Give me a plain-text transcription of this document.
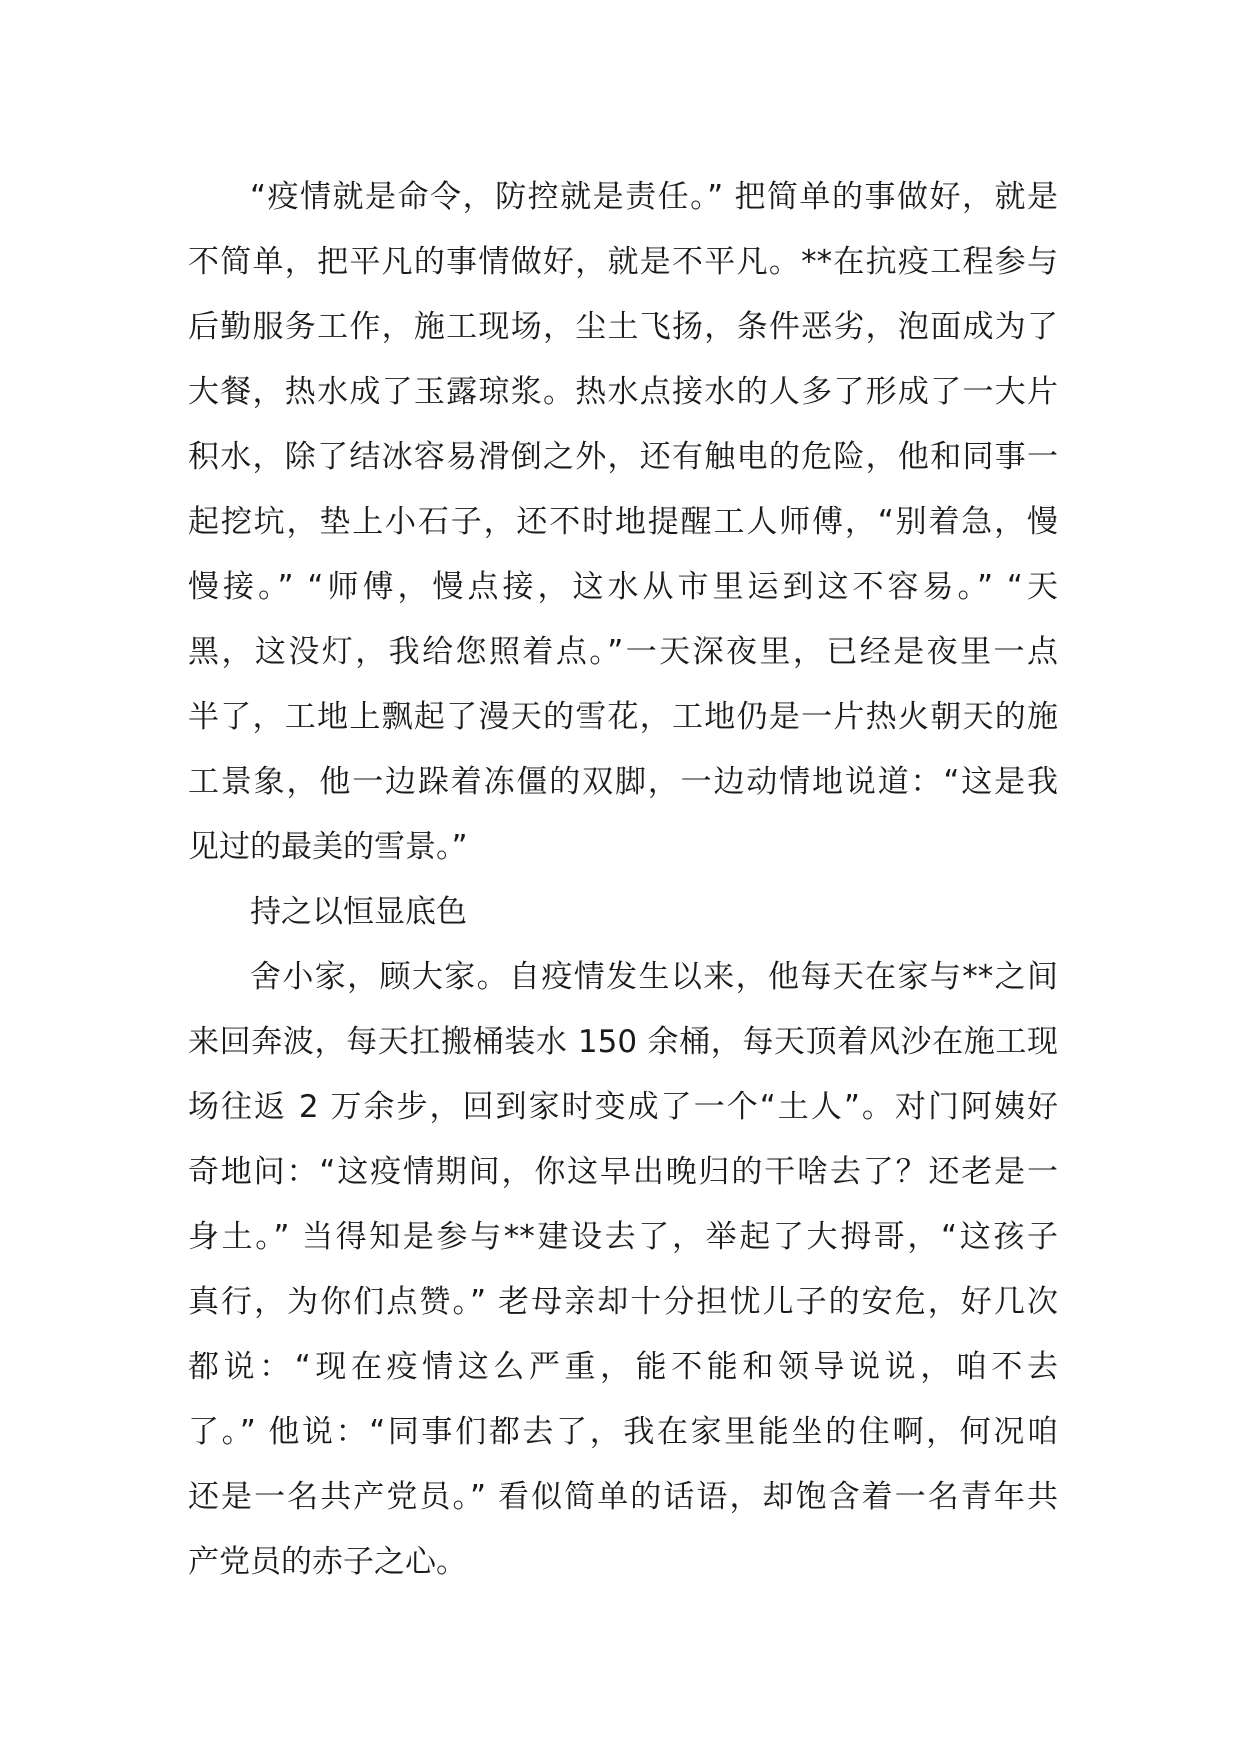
“疫情就是命令，防控就是责任。” 把简单的事做好，就是
不简单，把平凡的事情做好，就是不平凡。**在抗疫工程参与
后勤服务工作，施工现场，尘土飞扬，条件恶劣，泡面成为了
大餐，热水成了玉露琼浆。热水点接水的人多了形成了一大片
积水，除了结冰容易滑倒之外，还有触电的危险，他和同事一
起挖坑，垫上小石子，还不时地提醒工人师傅，“别着急，慢
慢接。” “师傅，慢点接，这水从市里运到这不容易。” “天
黑，这没灯，我给您照着点。”一天深夜里，已经是夜里一点
半了，工地上飘起了漫天的雪花，工地仍是一片热火朝天的施
工景象，他一边跺着冻僵的双脚，一边动情地说道：“这是我
见过的最美的雪景。”
持之以恒显底色
舍小家，顾大家。自疫情发生以来，他每天在家与**之间
来回奔波，每天扛搬桶装水 150 余桶，每天顶着风沙在施工现
场往返 2 万余步，回到家时变成了一个“土人”。对门阿姨好
奇地问：“这疫情期间，你这早出晚归的干啥去了？还老是一
身土。” 当得知是参与**建设去了，举起了大拇哥，“这孩子
真行，为你们点赞。” 老母亲却十分担忧儿子的安危，好几次
都说：“现在疫情这么严重，能不能和领导说说，咱不去
了。” 他说：“同事们都去了，我在家里能坐的住啊，何况咱
还是一名共产党员。” 看似简单的话语，却饱含着一名青年共
产党员的赤子之心。
